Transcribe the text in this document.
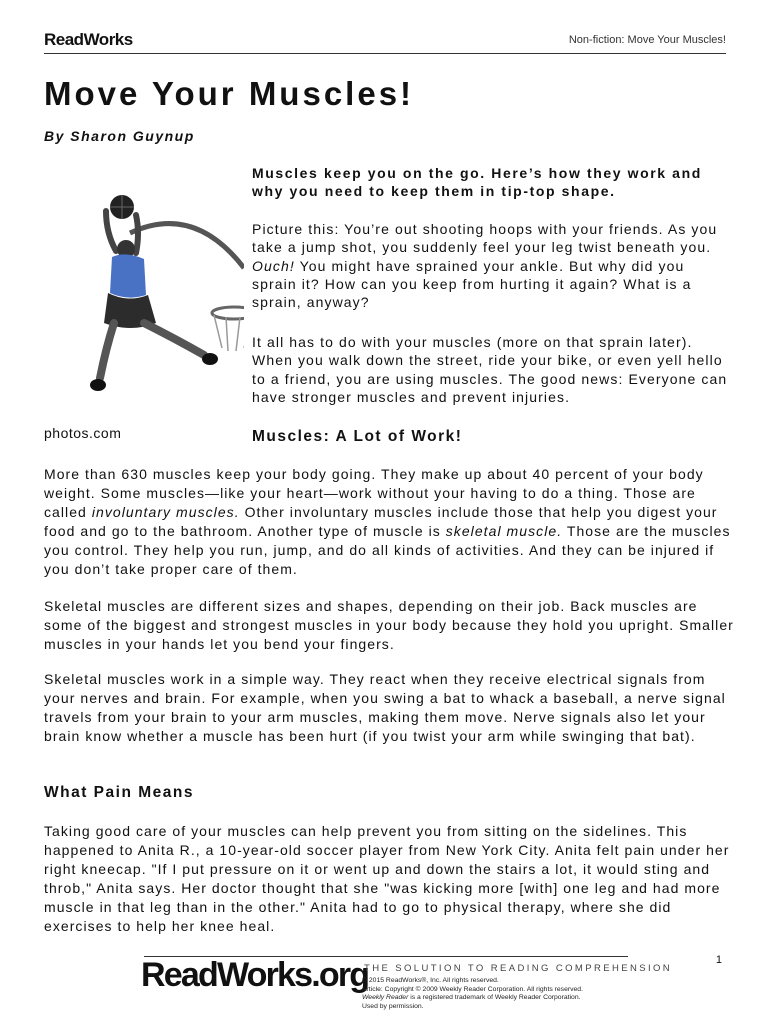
ReadWorks	Non-fiction: Move Your Muscles!
Move Your Muscles!
By Sharon Guynup
photos.com

Muscles keep you on the go. Here’s how they work and why you need to keep them in tip-top shape.

Picture this: You’re out shooting hoops with your friends. As you take a jump shot, you suddenly feel your leg twist beneath you. Ouch! You might have sprained your ankle. But why did you sprain it? How can you keep from hurting it again? What is a sprain, anyway?

It all has to do with your muscles (more on that sprain later). When you walk down the street, ride your bike, or even yell hello to a friend, you are using muscles. The good news: Everyone can have stronger muscles and prevent injuries.

Muscles: A Lot of Work!

More than 630 muscles keep your body going. They make up about 40 percent of your body weight. Some muscles—like your heart—work without your having to do a thing. Those are called involuntary muscles. Other involuntary muscles include those that help you digest your food and go to the bathroom. Another type of muscle is skeletal muscle. Those are the muscles you control. They help you run, jump, and do all kinds of activities. And they can be injured if you don’t take proper care of them.

Skeletal muscles are different sizes and shapes, depending on their job. Back muscles are some of the biggest and strongest muscles in your body because they hold you upright. Smaller muscles in your hands let you bend your fingers.

Skeletal muscles work in a simple way. They react when they receive electrical signals from your nerves and brain. For example, when you swing a bat to whack a baseball, a nerve signal travels from your brain to your arm muscles, making them move. Nerve signals also let your brain know whether a muscle has been hurt (if you twist your arm while swinging that bat).

What Pain Means

Taking good care of your muscles can help prevent you from sitting on the sidelines. This happened to Anita R., a 10-year-old soccer player from New York City. Anita felt pain under her right kneecap. "If I put pressure on it or went up and down the stairs a lot, it would sting and throb," Anita says. Her doctor thought that she "was kicking more [with] one leg and had more muscle in that leg than in the other." Anita had to go to physical therapy, where she did exercises to help her knee heal.

1
ReadWorks.org
THE SOLUTION TO READING COMPREHENSION
© 2015 ReadWorks®, Inc. All rights reserved.
Article: Copyright © 2009 Weekly Reader Corporation. All rights reserved.
Weekly Reader is a registered trademark of Weekly Reader Corporation.
Used by permission.
